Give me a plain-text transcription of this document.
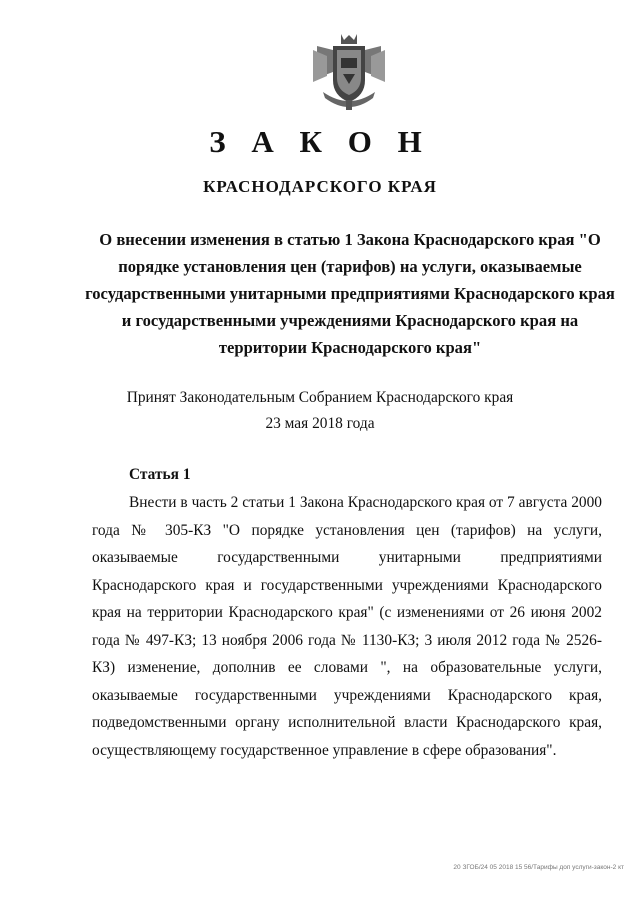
З А К О Н
КРАСНОДАРСКОГО КРАЯ
О внесении изменения в статью 1 Закона Краснодарского края "О порядке установления цен (тарифов) на услуги, оказываемые государственными унитарными предприятиями Краснодарского края и государственными учреждениями Краснодарского края на территории Краснодарского края"
Принят Законодательным Собранием Краснодарского края
23 мая 2018 года
Статья 1

Внести в часть 2 статьи 1 Закона Краснодарского края от 7 августа 2000 года № 305-КЗ "О порядке установления цен (тарифов) на услуги, оказываемые государственными унитарными предприятиями Краснодарского края и государственными учреждениями Краснодарского края на территории Краснодарского края" (с изменениями от 26 июня 2002 года № 497-КЗ; 13 ноября 2006 года № 1130-КЗ; 3 июля 2012 года № 2526-КЗ) изменение, дополнив ее словами ", на образовательные услуги, оказываемые государственными учреждениями Краснодарского края, подведомственными органу исполнительной власти Краснодарского края, осуществляющему государственное управление в сфере образования".

20 ЗГОБ/24 05 2018 15 56/Тарифы доп услуги-закон-2 кт
